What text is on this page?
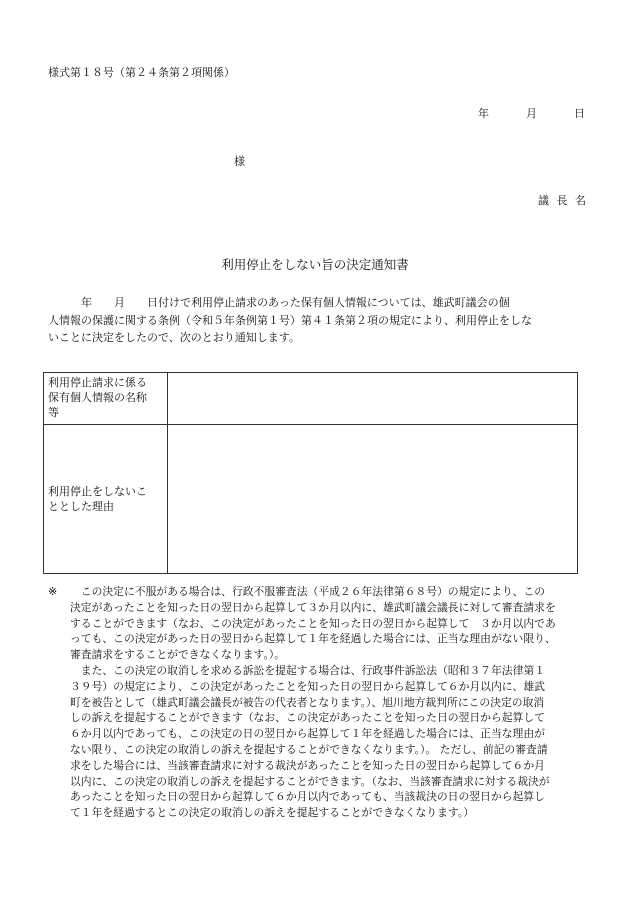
様式第１８号（第２４条第２項関係）
年	月	日
様
議 長 名
利用停止をしない旨の決定通知書
　　　年　　月　　日付けで利用停止請求のあった保有個人情報については、雄武町議会の個
人情報の保護に関する条例（令和５年条例第１号）第４１条第２項の規定により、利用停止をしな
いことに決定をしたので、次のとおり通知します。
利用停止請求に係る
保有個人情報の名称
等	

利用停止をしないこ
ととした理由	

※ 　この決定に不服がある場合は、行政不服審査法（平成２６年法律第６８号）の規定により、この
決定があったことを知った日の翌日から起算して３か月以内に、雄武町議会議長に対して審査請求を
することができます（なお、この決定があったことを知った日の翌日から起算して　３か月以内であ
っても、この決定があった日の翌日から起算して１年を経過した場合には、正当な理由がない限り、
審査請求をすることができなくなります。）。
　また、この決定の取消しを求める訴訟を提起する場合は、行政事件訴訟法（昭和３７年法律第１
３９号）の規定により、この決定があったことを知った日の翌日から起算して６か月以内に、雄武
町を被告として（雄武町議会議長が被告の代表者となります。）、旭川地方裁判所にこの決定の取消
しの訴えを提起することができます（なお、この決定があったことを知った日の翌日から起算して
６か月以内であっても、この決定の日の翌日から起算して１年を経過した場合には、正当な理由が
ない限り、この決定の取消しの訴えを提起することができなくなります。）。 ただし、前記の審査請
求をした場合には、当該審査請求に対する裁決があったことを知った日の翌日から起算して６か月
以内に、この決定の取消しの訴えを提起することができます。（なお、当該審査請求に対する裁決が
あったことを知った日の翌日から起算して６か月以内であっても、当該裁決の日の翌日から起算し
て１年を経過するとこの決定の取消しの訴えを提起することができなくなります。）
